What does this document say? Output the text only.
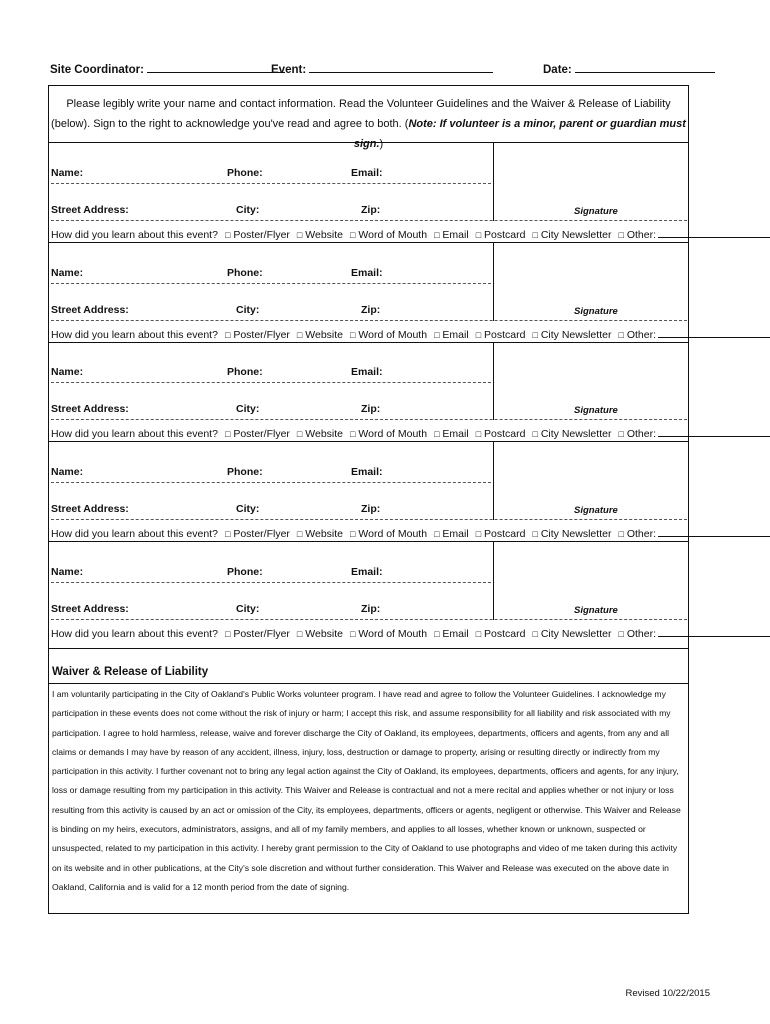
Site Coordinator:	Event:	Date:
Please legibly write your name and contact information. Read the Volunteer Guidelines and the Waiver & Release of Liability (below). Sign to the right to acknowledge you've read and agree to both. (Note: If volunteer is a minor, parent or guardian must sign.)
Name:	Phone:	Email:
Street Address:	City:	Zip:	Signature
How did you learn about this event? □ Poster/Flyer □ Website □ Word of Mouth □ Email □ Postcard □ City Newsletter □ Other:
Name:	Phone:	Email:
Street Address:	City:	Zip:	Signature
How did you learn about this event? □ Poster/Flyer □ Website □ Word of Mouth □ Email □ Postcard □ City Newsletter □ Other:
Name:	Phone:	Email:
Street Address:	City:	Zip:	Signature
How did you learn about this event? □ Poster/Flyer □ Website □ Word of Mouth □ Email □ Postcard □ City Newsletter □ Other:
Name:	Phone:	Email:
Street Address:	City:	Zip:	Signature
How did you learn about this event? □ Poster/Flyer □ Website □ Word of Mouth □ Email □ Postcard □ City Newsletter □ Other:
Name:	Phone:	Email:
Street Address:	City:	Zip:	Signature
How did you learn about this event? □ Poster/Flyer □ Website □ Word of Mouth □ Email □ Postcard □ City Newsletter □ Other:
Waiver & Release of Liability
I am voluntarily participating in the City of Oakland's Public Works volunteer program. I have read and agree to follow the Volunteer Guidelines. I acknowledge my participation in these events does not come without the risk of injury or harm; I accept this risk, and assume responsibility for all liability and risk associated with my participation. I agree to hold harmless, release, waive and forever discharge the City of Oakland, its employees, departments, officers and agents, from any and all claims or demands I may have by reason of any accident, illness, injury, loss, destruction or damage to property, arising or resulting directly or indirectly from my participation in this activity. I further covenant not to bring any legal action against the City of Oakland, its employees, departments, officers and agents, for any injury, loss or damage resulting from my participation in this activity. This Waiver and Release is contractual and not a mere recital and applies whether or not injury or loss resulting from this activity is caused by an act or omission of the City, its employees, departments, officers or agents, negligent or otherwise. This Waiver and Release is binding on my heirs, executors, administrators, assigns, and all of my family members, and applies to all losses, whether known or unknown, suspected or unsuspected, related to my participation in this activity. I hereby grant permission to the City of Oakland to use photographs and video of me taken during this activity on its website and in other publications, at the City's sole discretion and without further consideration. This Waiver and Release was executed on the above date in Oakland, California and is valid for a 12 month period from the date of signing.
Revised 10/22/2015
